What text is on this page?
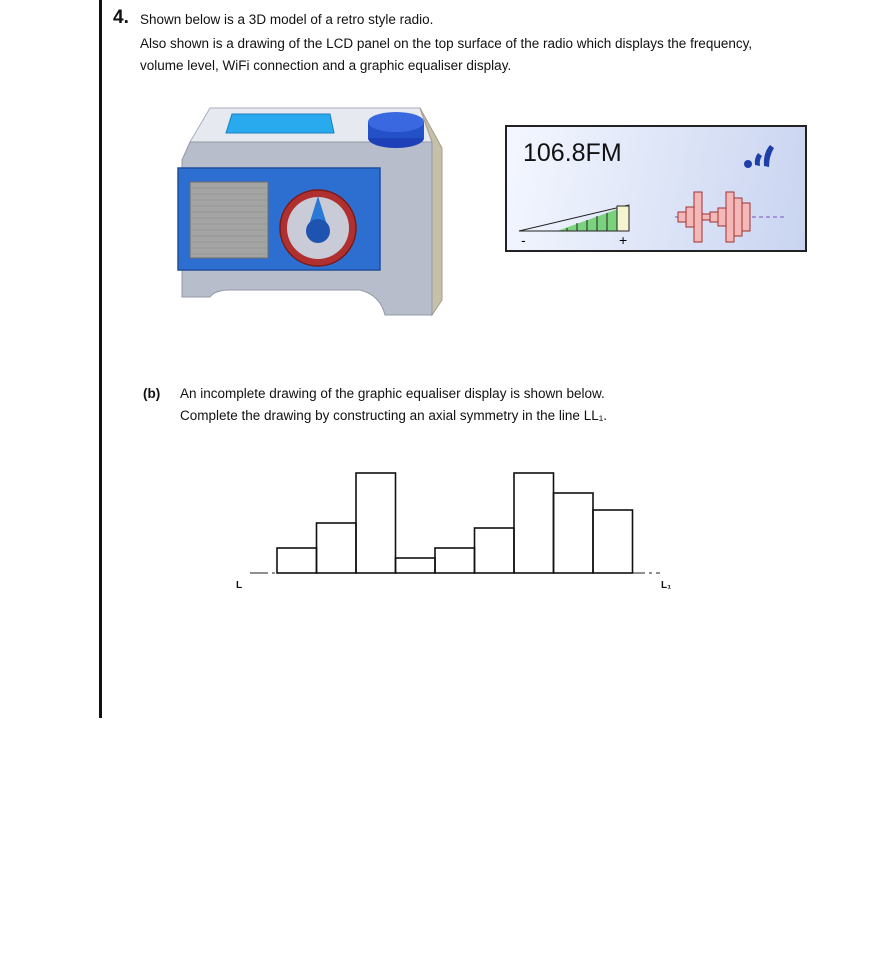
4. Shown below is a 3D model of a retro style radio.
Also shown is a drawing of the LCD panel on the top surface of the radio which displays the frequency,
volume level, WiFi connection and a graphic equaliser display.
106.8FM
-	+
(b) An incomplete drawing of the graphic equaliser display is shown below.
Complete the drawing by constructing an axial symmetry in the line LL₁.
L	L₁
